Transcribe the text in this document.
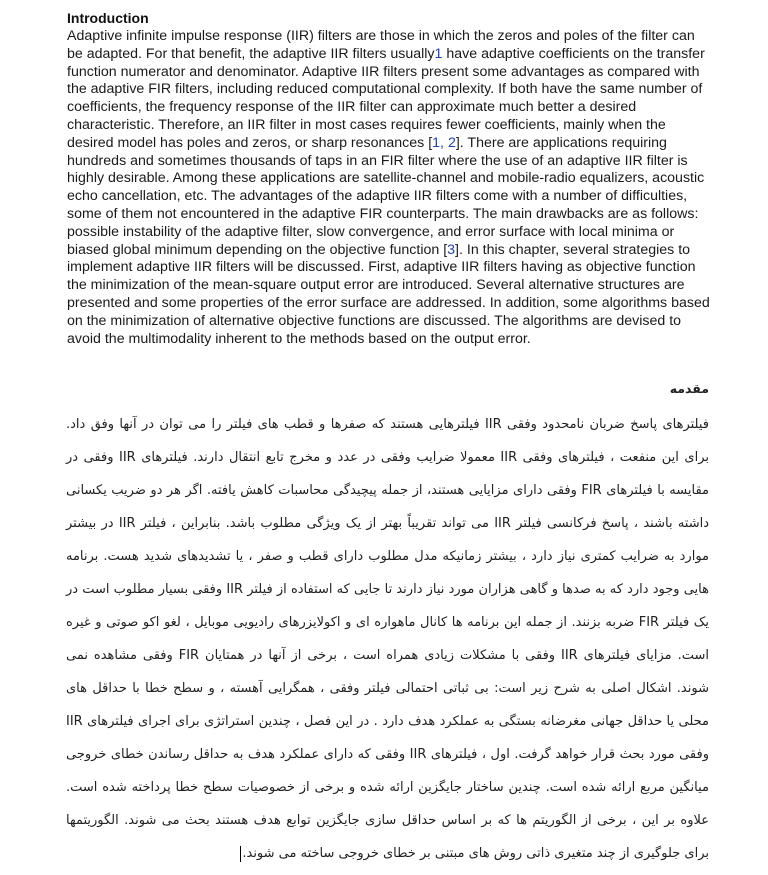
Introduction

Adaptive infinite impulse response (IIR) filters are those in which the zeros and poles of the filter can be adapted. For that benefit, the adaptive IIR filters usually1 have adaptive coefficients on the transfer function numerator and denominator. Adaptive IIR filters present some advantages as compared with the adaptive FIR filters, including reduced computational complexity. If both have the same number of coefficients, the frequency response of the IIR filter can approximate much better a desired characteristic. Therefore, an IIR filter in most cases requires fewer coefficients, mainly when the desired model has poles and zeros, or sharp resonances [1, 2]. There are applications requiring hundreds and sometimes thousands of taps in an FIR filter where the use of an adaptive IIR filter is highly desirable. Among these applications are satellite-channel and mobile-radio equalizers, acoustic echo cancellation, etc. The advantages of the adaptive IIR filters come with a number of difficulties, some of them not encountered in the adaptive FIR counterparts. The main drawbacks are as follows: possible instability of the adaptive filter, slow convergence, and error surface with local minima or biased global minimum depending on the objective function [3]. In this chapter, several strategies to implement adaptive IIR filters will be discussed. First, adaptive IIR filters having as objective function the minimization of the mean-square output error are introduced. Several alternative structures are presented and some properties of the error surface are addressed. In addition, some algorithms based on the minimization of alternative objective functions are discussed. The algorithms are devised to avoid the multimodality inherent to the methods based on the output error.

مقدمه

فیلترهای پاسخ ضربان نامحدود وفقی IIR فیلترهایی هستند که صفرها و قطب های فیلتر را می توان در آنها وفق داد. برای این منفعت ، فیلترهای وفقی IIR معمولا ضرایب وفقی در عدد و مخرج تابع انتقال دارند. فیلترهای IIR وفقی در مقایسه با فیلترهای FIR وفقی دارای مزایایی هستند، از جمله پیچیدگی محاسبات کاهش یافته. اگر هر دو ضریب یکسانی داشته باشند ، پاسخ فرکانسی فیلتر IIR می تواند تقریباً بهتر از یک ویژگی مطلوب باشد. بنابراین ، فیلتر IIR در بیشتر موارد به ضرایب کمتری نیاز دارد ، بیشتر زمانیکه مدل مطلوب دارای قطب و صفر ، یا تشدیدهای شدید هست. برنامه هایی وجود دارد که به صدها و گاهی هزاران مورد نیاز دارند تا جایی که استفاده از فیلتر IIR وفقی بسیار مطلوب است در یک فیلتر FIR ضربه بزنند. از جمله این برنامه ها کانال ماهواره ای و اکولایزرهای رادیویی موبایل ، لغو اکو صوتی و غیره است. مزایای فیلترهای IIR وفقی با مشکلات زیادی همراه است ، برخی از آنها در همتایان FIR وفقی مشاهده نمی شوند. اشکال اصلی به شرح زیر است: بی ثباتی احتمالی فیلتر وفقی ، همگرایی آهسته ، و سطح خطا با حداقل های محلی یا حداقل جهانی مغرضانه بستگی به عملکرد هدف دارد . در این فصل ، چندین استراتژی برای اجرای فیلترهای IIR وفقی مورد بحث قرار خواهد گرفت. اول ، فیلترهای IIR وفقی که دارای عملکرد هدف به حداقل رساندن خطای خروجی میانگین مربع ارائه شده است. چندین ساختار جایگزین ارائه شده و برخی از خصوصیات سطح خطا پرداخته شده است. علاوه بر این ، برخی از الگوریتم ها که بر اساس حداقل سازی جایگزین توابع هدف هستند بحث می شوند. الگوریتمها برای جلوگیری از چند متغیری ذاتی روش های مبتنی بر خطای خروجی ساخته می شوند.
